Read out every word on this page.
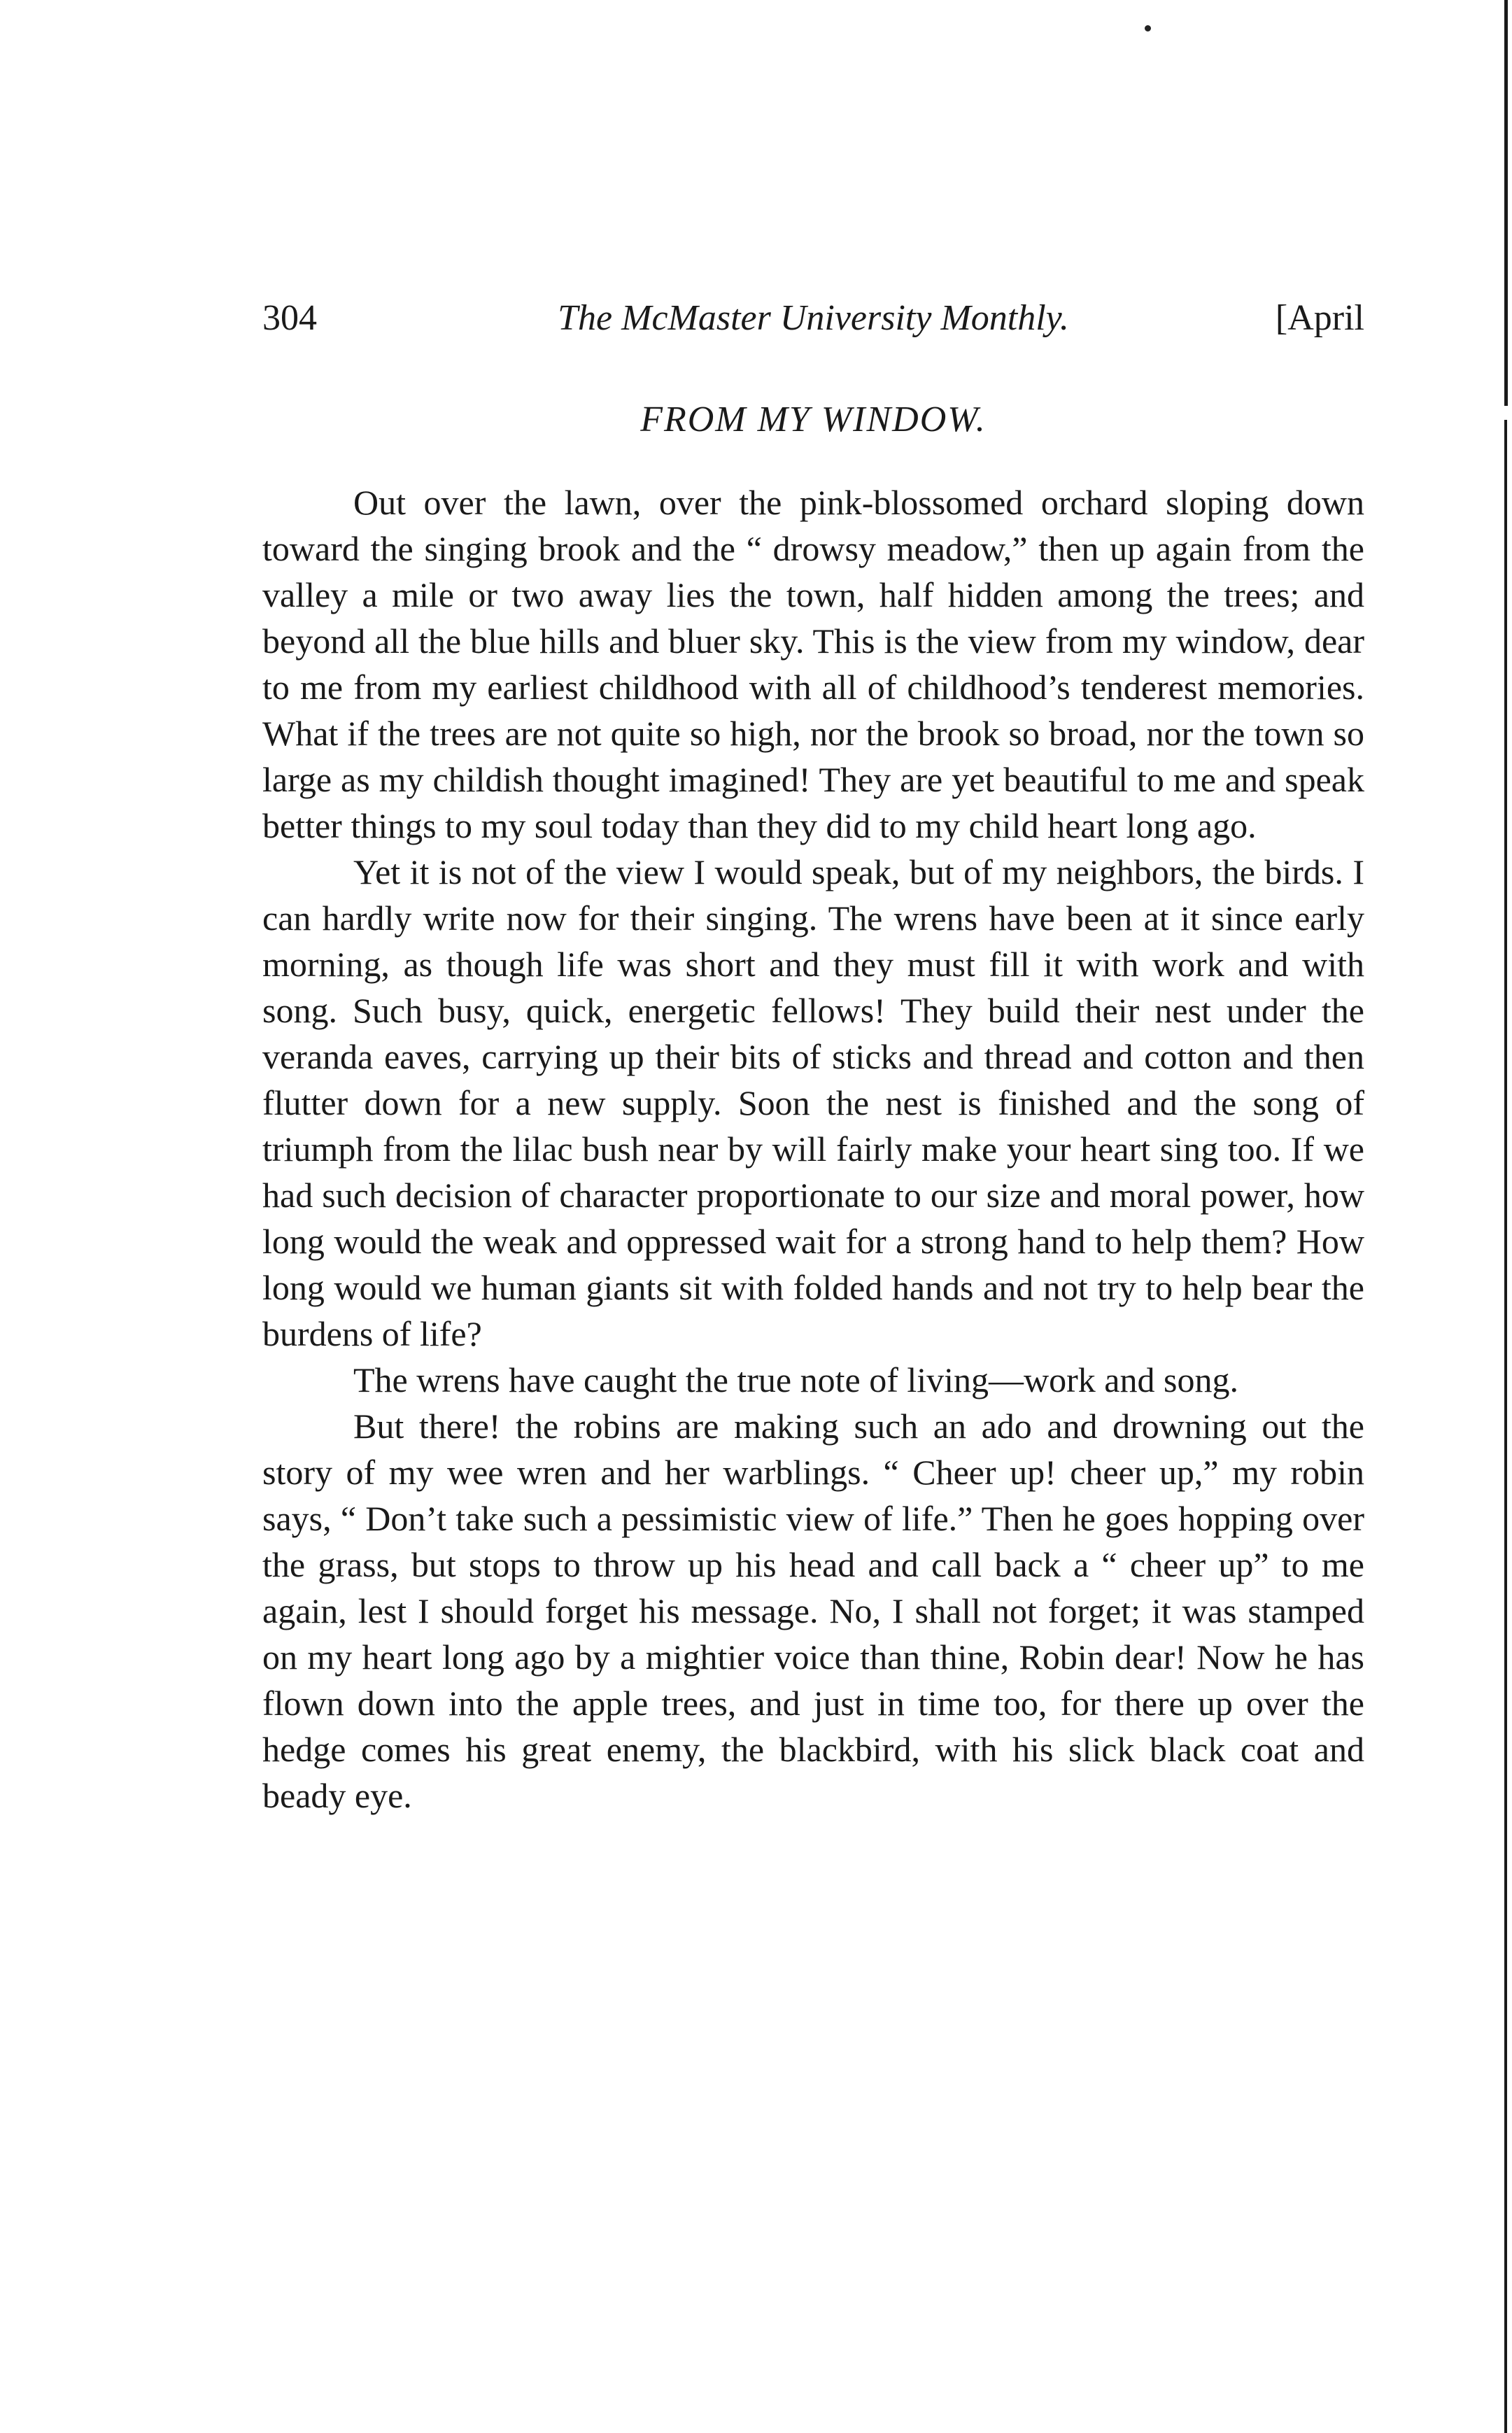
304	The McMaster University Monthly.	[April
FROM MY WINDOW.

Out over the lawn, over the pink-blossomed orchard sloping down toward the singing brook and the “ drowsy meadow,” then up again from the valley a mile or two away lies the town, half hidden among the trees; and beyond all the blue hills and bluer sky. This is the view from my window, dear to me from my earliest childhood with all of childhood’s tenderest memories. What if the trees are not quite so high, nor the brook so broad, nor the town so large as my childish thought imagined! They are yet beautiful to me and speak better things to my soul today than they did to my child heart long ago.

Yet it is not of the view I would speak, but of my neighbors, the birds. I can hardly write now for their singing. The wrens have been at it since early morning, as though life was short and they must fill it with work and with song. Such busy, quick, energetic fellows! They build their nest under the veranda eaves, carrying up their bits of sticks and thread and cotton and then flutter down for a new supply. Soon the nest is finished and the song of triumph from the lilac bush near by will fairly make your heart sing too. If we had such decision of character proportionate to our size and moral power, how long would the weak and oppressed wait for a strong hand to help them? How long would we human giants sit with folded hands and not try to help bear the burdens of life?

The wrens have caught the true note of living—work and song.

But there! the robins are making such an ado and drowning out the story of my wee wren and her warblings. “ Cheer up! cheer up,” my robin says, “ Don’t take such a pessimistic view of life.” Then he goes hopping over the grass, but stops to throw up his head and call back a “ cheer up” to me again, lest I should forget his message. No, I shall not forget; it was stamped on my heart long ago by a mightier voice than thine, Robin dear! Now he has flown down into the apple trees, and just in time too, for there up over the hedge comes his great enemy, the blackbird, with his slick black coat and beady eye.
